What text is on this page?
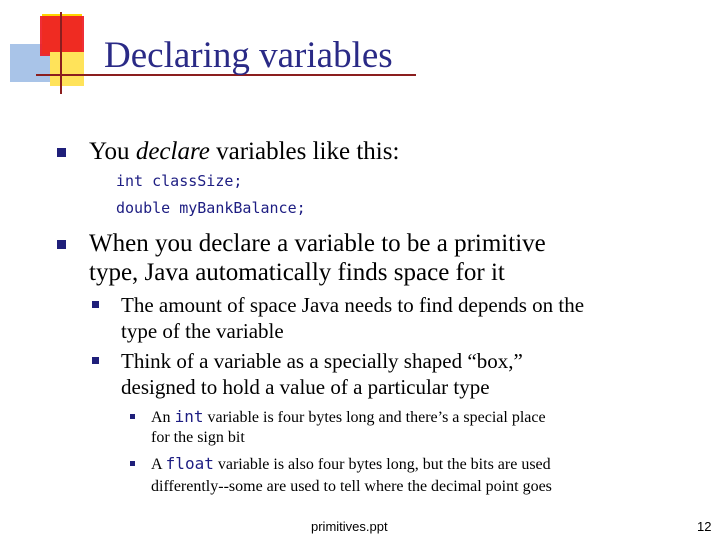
Declaring variables
You declare variables like this:
int classSize;
double myBankBalance;
When you declare a variable to be a primitive
type, Java automatically finds space for it
The amount of space Java needs to find depends on the
type of the variable
Think of a variable as a specially shaped “box,”
designed to hold a value of a particular type
An int variable is four bytes long and there’s a special place
for the sign bit
A float variable is also four bytes long, but the bits are used
differently--some are used to tell where the decimal point goes
primitives.ppt	12
